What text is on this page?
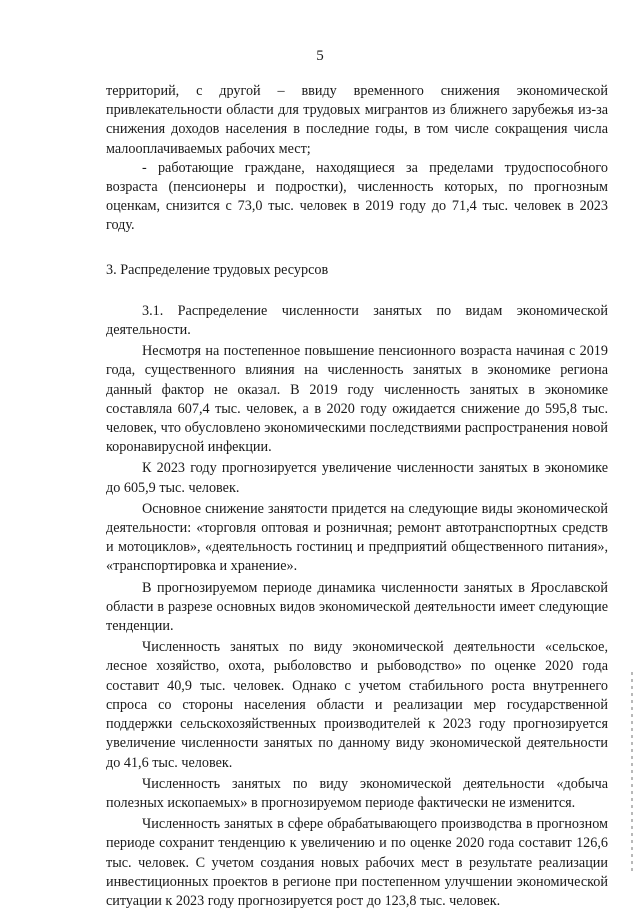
5

территорий, с другой – ввиду временного снижения экономической привлекательности области для трудовых мигрантов из ближнего зарубежья из-за снижения доходов населения в последние годы, в том числе сокращения числа малооплачиваемых рабочих мест;

- работающие граждане, находящиеся за пределами трудоспособного возраста (пенсионеры и подростки), численность которых, по прогнозным оценкам, снизится с 73,0 тыс. человек в 2019 году до 71,4 тыс. человек в 2023 году.

3. Распределение трудовых ресурсов

3.1. Распределение численности занятых по видам экономической деятельности.

Несмотря на постепенное повышение пенсионного возраста начиная с 2019 года, существенного влияния на численность занятых в экономике региона данный фактор не оказал. В 2019 году численность занятых в экономике составляла 607,4 тыс. человек, а в 2020 году ожидается снижение до 595,8 тыс. человек, что обусловлено экономическими последствиями распространения новой коронавирусной инфекции.

К 2023 году прогнозируется увеличение численности занятых в экономике до 605,9 тыс. человек.

Основное снижение занятости придется на следующие виды экономической деятельности: «торговля оптовая и розничная; ремонт автотранспортных средств и мотоциклов», «деятельность гостиниц и предприятий общественного питания», «транспортировка и хранение».

В прогнозируемом периоде динамика численности занятых в Ярославской области в разрезе основных видов экономической деятельности имеет следующие тенденции.

Численность занятых по виду экономической деятельности «сельское, лесное хозяйство, охота, рыболовство и рыбоводство» по оценке 2020 года составит 40,9 тыс. человек. Однако с учетом стабильного роста внутреннего спроса со стороны населения области и реализации мер государственной поддержки сельскохозяйственных производителей к 2023 году прогнозируется увеличение численности занятых по данному виду экономической деятельности до 41,6 тыс. человек.

Численность занятых по виду экономической деятельности «добыча полезных ископаемых» в прогнозируемом периоде фактически не изменится.

Численность занятых в сфере обрабатывающего производства в прогнозном периоде сохранит тенденцию к увеличению и по оценке 2020 года составит 126,6 тыс. человек. С учетом создания новых рабочих мест в результате реализации инвестиционных проектов в регионе при постепенном улучшении экономической ситуации к 2023 году прогнозируется рост до 123,8 тыс. человек.
